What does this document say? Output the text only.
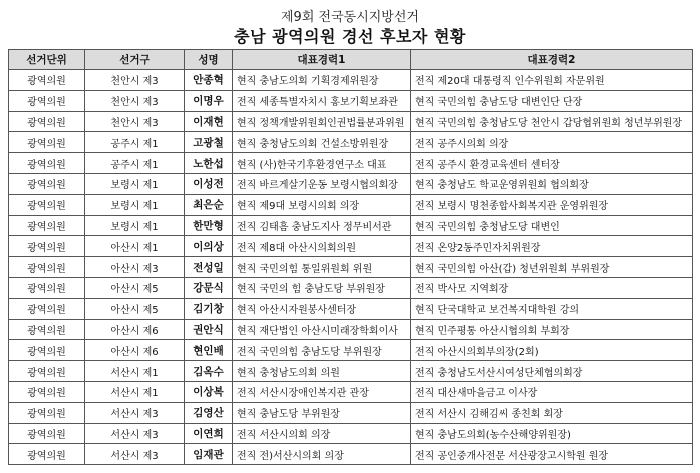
제9회 전국동시지방선거
충남 광역의원 경선 후보자 현황
선거단위	선거구	성명	대표경력1	대표경력2
광역의원	천안시 제3	안종혁	현직 충남도의회 기획경제위원장	전직 제20대 대통령직 인수위원회 자문위원
광역의원	천안시 제3	이명우	전직 세종특별자치시 홍보기획보좌관	현직 국민의힘 충남도당 대변인단 단장
광역의원	천안시 제3	이재현	현직 정책개발위원회인권법률분과위원	현직 국민의힘 충청남도당 천안시 갑당협위원회 청년부위원장
광역의원	공주시 제1	고광철	현직 충청남도의회 건설소방위원장	전직 공주시의회 의장
광역의원	공주시 제1	노한섭	현직 (사)한국기후환경연구소 대표	전직 공주시 환경교육센터 센터장
광역의원	보령시 제1	이성전	전직 바르게살기운동 보령시협의회장	현직 충청남도 학교운영위원회 협의회장
광역의원	보령시 제1	최은순	현직 제9대 보령시의회 의장	전직 보령시 명천종합사회복지관 운영위원장
광역의원	보령시 제1	한만형	전직 김태흠 충남도지사 정무비서관	현직 국민의힘 충청남도당 대변인
광역의원	아산시 제1	이의상	전직 제8대 아산시의회의원	전직 온양2동주민자치위원장
광역의원	아산시 제3	전성일	현직 국민의힘 통일위원회 위원	현직 국민의힘 아산(갑) 청년위원회 부위원장
광역의원	아산시 제5	강문식	현직 국민의 힘 충남도당 부위원장	전직 박사모 지역회장
광역의원	아산시 제5	김기창	현직 아산시자원봉사센터장	현직 단국대학교 보건복지대학원 강의
광역의원	아산시 제6	권안식	현직 재단법인 아산시미래장학회이사	현직 민주평통 아산시협의회 부회장
광역의원	아산시 제6	현인배	전직 국민의힘 충남도당 부위원장	전직 아산시의회부의장(2회)
광역의원	서산시 제1	김옥수	현직 충청남도의회 의원	전직 충청남도서산시여성단체협의회장
광역의원	서산시 제1	이상복	전직 서산시장애인복지관 관장	전직 대산새마을금고 이사장
광역의원	서산시 제3	김영산	현직 충남도당 부위원장	전직 서산시 김해김씨 종친회 회장
광역의원	서산시 제3	이연희	전직 서산시의회 의장	현직 충남도의회(농수산해양위원장)
광역의원	서산시 제3	임재관	전직 전)서산시의회 의장	전직 공인중개사전문 서산광장고시학원 원장
